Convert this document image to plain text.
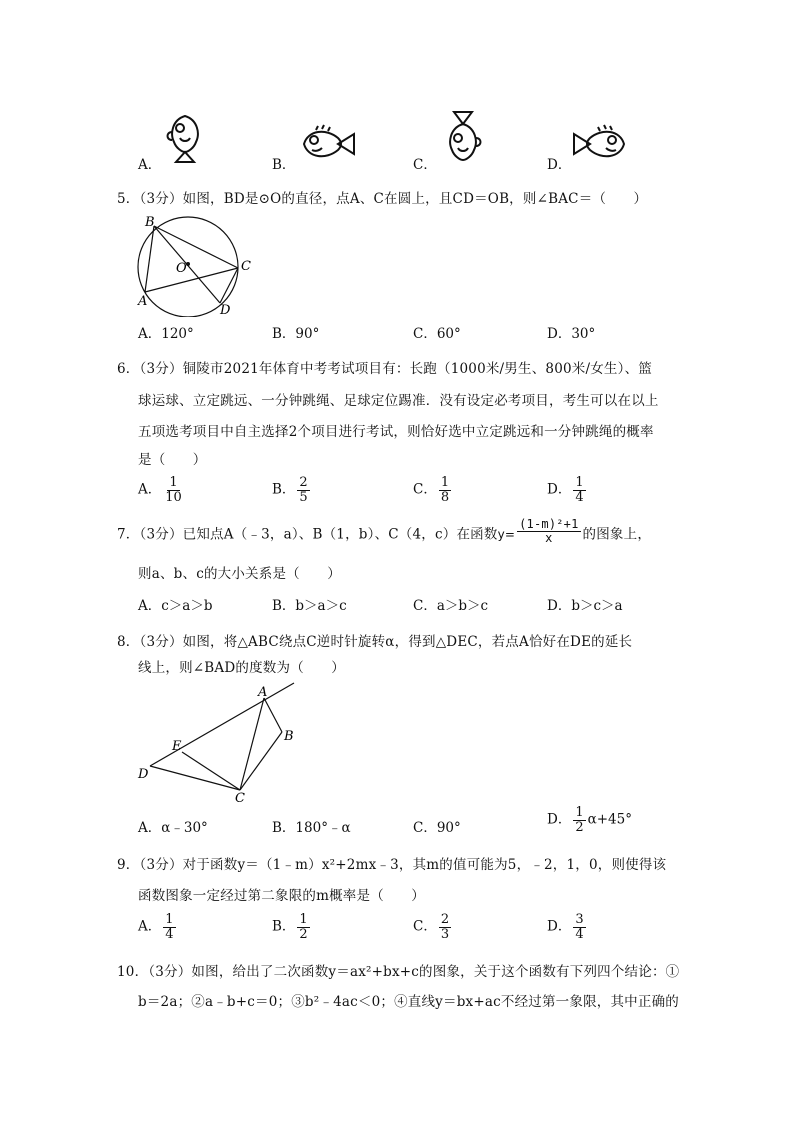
A．	B．	C．	D．
5．（3分）如图，BD是⊙O的直径，点A、C在圆上，且CD＝OB，则∠BAC＝（　　）
B
O	C
A
D
A．120°	B．90°	C．60°	D．30°
6．（3分）铜陵市2021年体育中考考试项目有：长跑（1000米/男生、800米/女生）、篮
球运球、立定跳远、一分钟跳绳、足球定位踢准．没有设定必考项目，考生可以在以上
五项选考项目中自主选择2个项目进行考试，则恰好选中立定跳远和一分钟跳绳的概率
是（　　）
A． $\frac{1}{10}$	B． $\frac{2}{5}$	C． $\frac{1}{8}$	D． $\frac{1}{4}$
7．（3分）已知点A（﹣3，a）、B（1，b）、C（4，c）在函数$y= \frac{\text{(1-m)²+1}}{x}$ 的图象上，
则a、b、c的大小关系是（　　）
A．c＞a＞b	B．b＞a＞c	C．a＞b＞c	D．b＞c＞a
8．（3分）如图，将△ABC绕点C逆时针旋转α，得到△DEC，若点A恰好在DE的延长
线上，则∠BAD的度数为（　　）
A
B
E
D
C
A．α﹣30°	B．180°﹣α	C．90°
D． $\frac{1}{2} \alpha+45^\circ$
9．（3分）对于函数y＝（1﹣m）x²+2mx﹣3，其m的值可能为5，﹣2，1，0，则使得该
函数图象一定经过第二象限的m概率是（　　）
A． $\frac{1}{4}$	B． $\frac{1}{2}$	C． $\frac{2}{3}$	D． $\frac{3}{4}$
10．（3分）如图，给出了二次函数y＝ax²+bx+c的图象，关于这个函数有下列四个结论：①
b＝2a；②a﹣b+c＝0；③b²﹣4ac＜0；④直线y＝bx+ac不经过第一象限，其中正确的
